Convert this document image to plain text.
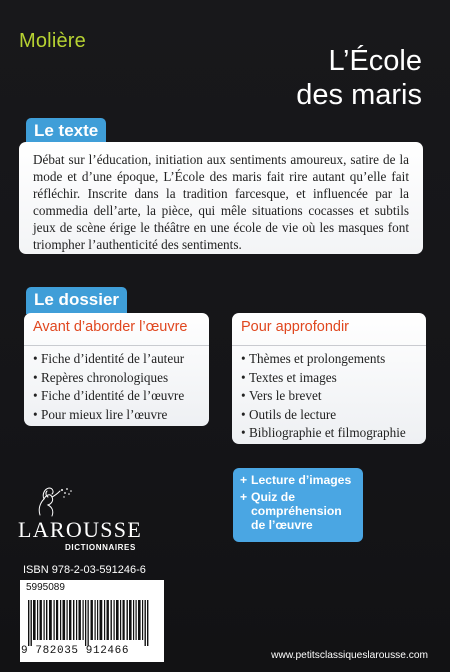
Molière
L’École
des maris
Le texte

Débat sur l’éducation, initiation aux sentiments amoureux, satire de la mode et d’une époque, L’École des maris fait rire autant qu’elle fait réfléchir. Inscrite dans la tradition farcesque, et influencée par la commedia dell’arte, la pièce, qui mêle situations cocasses et subtils jeux de scène érige le théâtre en une école de vie où les masques font triompher l’authenticité des sentiments.

Le dossier
Avant d’aborder l’œuvre
• Fiche d’identité de l’auteur
• Repères chronologiques
• Fiche d’identité de l’œuvre
• Pour mieux lire l’œuvre
Pour approfondir
• Thèmes et prolongements
• Textes et images
• Vers le brevet
• Outils de lecture
• Bibliographie et filmographie
+ Lecture d’images
+ Quiz de compréhension de l’œuvre
LAROUSSE
DICTIONNAIRES
ISBN 978-2-03-591246-6
5995089
9 782035 912466	www.petitsclassiqueslarousse.com
